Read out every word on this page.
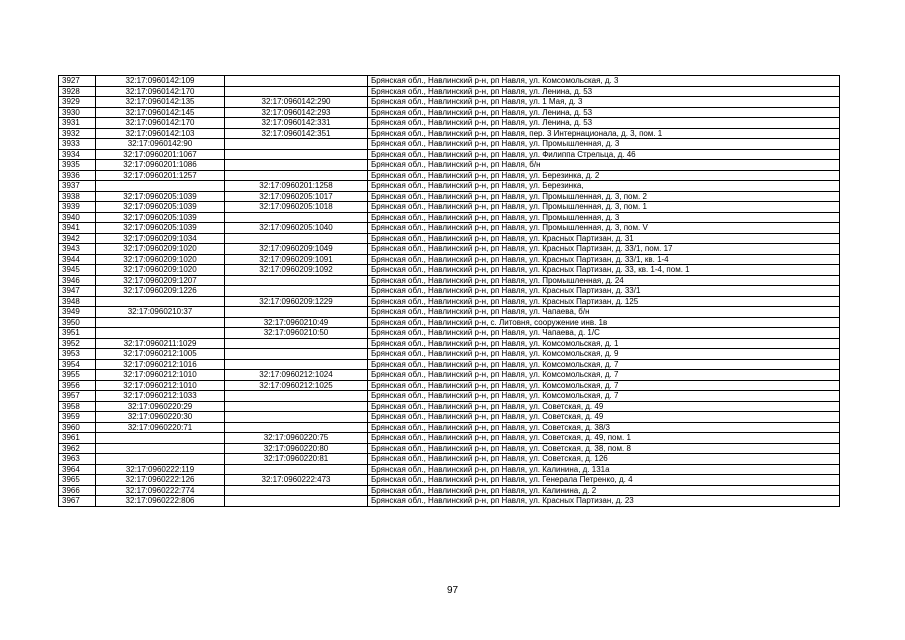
3927	32:17:0960142:109		Брянская обл., Навлинский р-н, рп Навля, ул. Комсомольская, д. 3
3928	32:17:0960142:170		Брянская обл., Навлинский р-н, рп Навля, ул. Ленина, д. 53
3929	32:17:0960142:135	32:17:0960142:290	Брянская обл., Навлинский р-н, рп Навля, ул. 1 Мая, д. 3
3930	32:17:0960142:145	32:17:0960142:293	Брянская обл., Навлинский р-н, рп Навля, ул. Ленина, д. 53
3931	32:17:0960142:170	32:17:0960142:331	Брянская обл., Навлинский р-н, рп Навля, ул. Ленина, д. 53
3932	32:17:0960142:103	32:17:0960142:351	Брянская обл., Навлинский р-н, рп Навля, пер. 3 Интернационала, д. 3, пом. 1
3933	32:17:0960142:90		Брянская обл., Навлинский р-н, рп Навля, ул. Промышленная, д. 3
3934	32:17:0960201:1067		Брянская обл., Навлинский р-н, рп Навля, ул. Филиппа Стрельца, д. 46
3935	32:17:0960201:1086		Брянская обл., Навлинский р-н, рп Навля, б/н
3936	32:17:0960201:1257		Брянская обл., Навлинский р-н, рп Навля, ул. Березинка, д. 2
3937		32:17:0960201:1258	Брянская обл., Навлинский р-н, рп Навля, ул. Березинка,
3938	32:17:0960205:1039	32:17:0960205:1017	Брянская обл., Навлинский р-н, рп Навля, ул. Промышленная, д. 3, пом. 2
3939	32:17:0960205:1039	32:17:0960205:1018	Брянская обл., Навлинский р-н, рп Навля, ул. Промышленная, д. 3, пом. 1
3940	32:17:0960205:1039		Брянская обл., Навлинский р-н, рп Навля, ул. Промышленная, д. 3
3941	32:17:0960205:1039	32:17:0960205:1040	Брянская обл., Навлинский р-н, рп Навля, ул. Промышленная, д. 3, пом. V
3942	32:17:0960209:1034		Брянская обл., Навлинский р-н, рп Навля, ул. Красных Партизан, д. 31
3943	32:17:0960209:1020	32:17:0960209:1049	Брянская обл., Навлинский р-н, рп Навля, ул. Красных Партизан, д. 33/1, пом. 17
3944	32:17:0960209:1020	32:17:0960209:1091	Брянская обл., Навлинский р-н, рп Навля, ул. Красных Партизан, д. 33/1, кв. 1-4
3945	32:17:0960209:1020	32:17:0960209:1092	Брянская обл., Навлинский р-н, рп Навля, ул. Красных Партизан, д. 33, кв. 1-4, пом. 1
3946	32:17:0960209:1207		Брянская обл., Навлинский р-н, рп Навля, ул. Промышленная, д. 24
3947	32:17:0960209:1226		Брянская обл., Навлинский р-н, рп Навля, ул. Красных Партизан, д. 33/1
3948		32:17:0960209:1229	Брянская обл., Навлинский р-н, рп Навля, ул. Красных Партизан, д. 125
3949	32:17:0960210:37		Брянская обл., Навлинский р-н, рп Навля, ул. Чапаева, б/н
3950		32:17:0960210:49	Брянская обл., Навлинский р-н, с. Литовня, сооружение инв. 1в
3951		32:17:0960210:50	Брянская обл., Навлинский р-н, рп Навля, ул. Чапаева, д. 1/С
3952	32:17:0960211:1029		Брянская обл., Навлинский р-н, рп Навля, ул. Комсомольская, д. 1
3953	32:17:0960212:1005		Брянская обл., Навлинский р-н, рп Навля, ул. Комсомольская, д. 9
3954	32:17:0960212:1016		Брянская обл., Навлинский р-н, рп Навля, ул. Комсомольская, д. 7
3955	32:17:0960212:1010	32:17:0960212:1024	Брянская обл., Навлинский р-н, рп Навля, ул. Комсомольская, д. 7
3956	32:17:0960212:1010	32:17:0960212:1025	Брянская обл., Навлинский р-н, рп Навля, ул. Комсомольская, д. 7
3957	32:17:0960212:1033		Брянская обл., Навлинский р-н, рп Навля, ул. Комсомольская, д. 7
3958	32:17:0960220:29		Брянская обл., Навлинский р-н, рп Навля, ул. Советская, д. 49
3959	32:17:0960220:30		Брянская обл., Навлинский р-н, рп Навля, ул. Советская, д. 49
3960	32:17:0960220:71		Брянская обл., Навлинский р-н, рп Навля, ул. Советская, д. 38/3
3961		32:17:0960220:75	Брянская обл., Навлинский р-н, рп Навля, ул. Советская, д. 49, пом. 1
3962		32:17:0960220:80	Брянская обл., Навлинский р-н, рп Навля, ул. Советская, д. 38, пом. 8
3963		32:17:0960220:81	Брянская обл., Навлинский р-н, рп Навля, ул. Советская, д. 126
3964	32:17:0960222:119		Брянская обл., Навлинский р-н, рп Навля, ул. Калинина, д. 131а
3965	32:17:0960222:126	32:17:0960222:473	Брянская обл., Навлинский р-н, рп Навля, ул. Генерала Петренко, д. 4
3966	32:17:0960222:774		Брянская обл., Навлинский р-н, рп Навля, ул. Калинина, д. 2
3967	32:17:0960222:806		Брянская обл., Навлинский р-н, рп Навля, ул. Красных Партизан, д. 23
97
